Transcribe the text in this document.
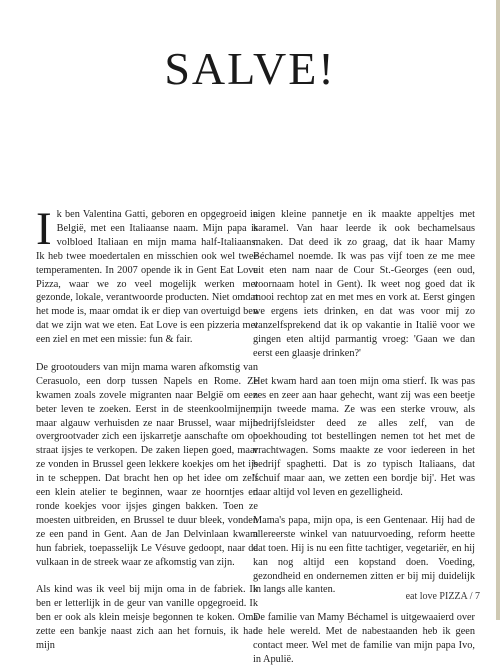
SALVE!

Ik ben Valentina Gatti, geboren en opgegroeid in België, met een Italiaanse naam. Mijn papa is volbloed Italiaan en mijn mama half-Italiaans. Ik heb twee moedertalen en misschien ook wel twee temperamenten. In 2007 opende ik in Gent Eat Love Pizza, waar we zo veel mogelijk werken met gezonde, lokale, verantwoorde producten. Niet omdat het mode is, maar omdat ik er diep van overtuigd ben dat we zijn wat we eten. Eat Love is een pizzeria met een ziel en met een missie: fun & fair.

De grootouders van mijn mama waren afkomstig van Cerasuolo, een dorp tussen Napels en Rome. Ze kwamen zoals zovele migranten naar België om een beter leven te zoeken. Eerst in de steenkoolmijnen, maar algauw verhuisden ze naar Brussel, waar mijn overgrootvader zich een ijskarretje aanschafte om op straat ijsjes te verkopen. De zaken liepen goed, maar ze vonden in Brussel geen lekkere koekjes om het ijs in te scheppen. Dat bracht hen op het idee om zelf een klein atelier te beginnen, waar ze hoorntjes en ronde koekjes voor ijsjes gingen bakken. Toen ze moesten uitbreiden, en Brussel te duur bleek, vonden ze een pand in Gent. Aan de Jan Delvinlaan kwam hun fabriek, toepasselijk Le Vésuve gedoopt, naar de vulkaan in de streek waar ze afkomstig van zijn.

Als kind was ik veel bij mijn oma in de fabriek. Ik ben er letterlijk in de geur van vanille opgegroeid. Ik ben er ook als klein meisje begonnen te koken. Oma zette een bankje naast zich aan het fornuis, ik had mijn

eigen kleine pannetje en ik maakte appeltjes met karamel. Van haar leerde ik ook bechamelsaus maken. Dat deed ik zo graag, dat ik haar Mamy Béchamel noemde. Ik was pas vijf toen ze me mee uit eten nam naar de Cour St.-Georges (een oud, voornaam hotel in Gent). Ik weet nog goed dat ik mooi rechtop zat en met mes en vork at. Eerst gingen we ergens iets drinken, en dat was voor mij zo vanzelfsprekend dat ik op vakantie in Italië voor we gingen eten altijd parmantig vroeg: 'Gaan we dan eerst een glaasje drinken?'

Het kwam hard aan toen mijn oma stierf. Ik was pas zes en zeer aan haar gehecht, want zij was een beetje mijn tweede mama. Ze was een sterke vrouw, als bedrijfsleidster deed ze alles zelf, van de boekhouding tot bestellingen nemen tot het met de vrachtwagen. Soms maakte ze voor iedereen in het bedrijf spaghetti. Dat is zo typisch Italiaans, dat 'schuif maar aan, we zetten een bordje bij'. Het was daar altijd vol leven en gezelligheid.

Mama's papa, mijn opa, is een Gentenaar. Hij had de allereerste winkel van natuurvoeding, reform heette dat toen. Hij is nu een fitte tachtiger, vegetariër, en hij kan nog altijd een kopstand doen. Voeding, gezondheid en ondernemen zitten er bij mij duidelijk in langs alle kanten.

De familie van Mamy Béchamel is uitgewaaierd over de hele wereld. Met de nabestaanden heb ik geen contact meer. Wel met de familie van mijn papa Ivo, in Apulië.

eat love PIZZA / 7
